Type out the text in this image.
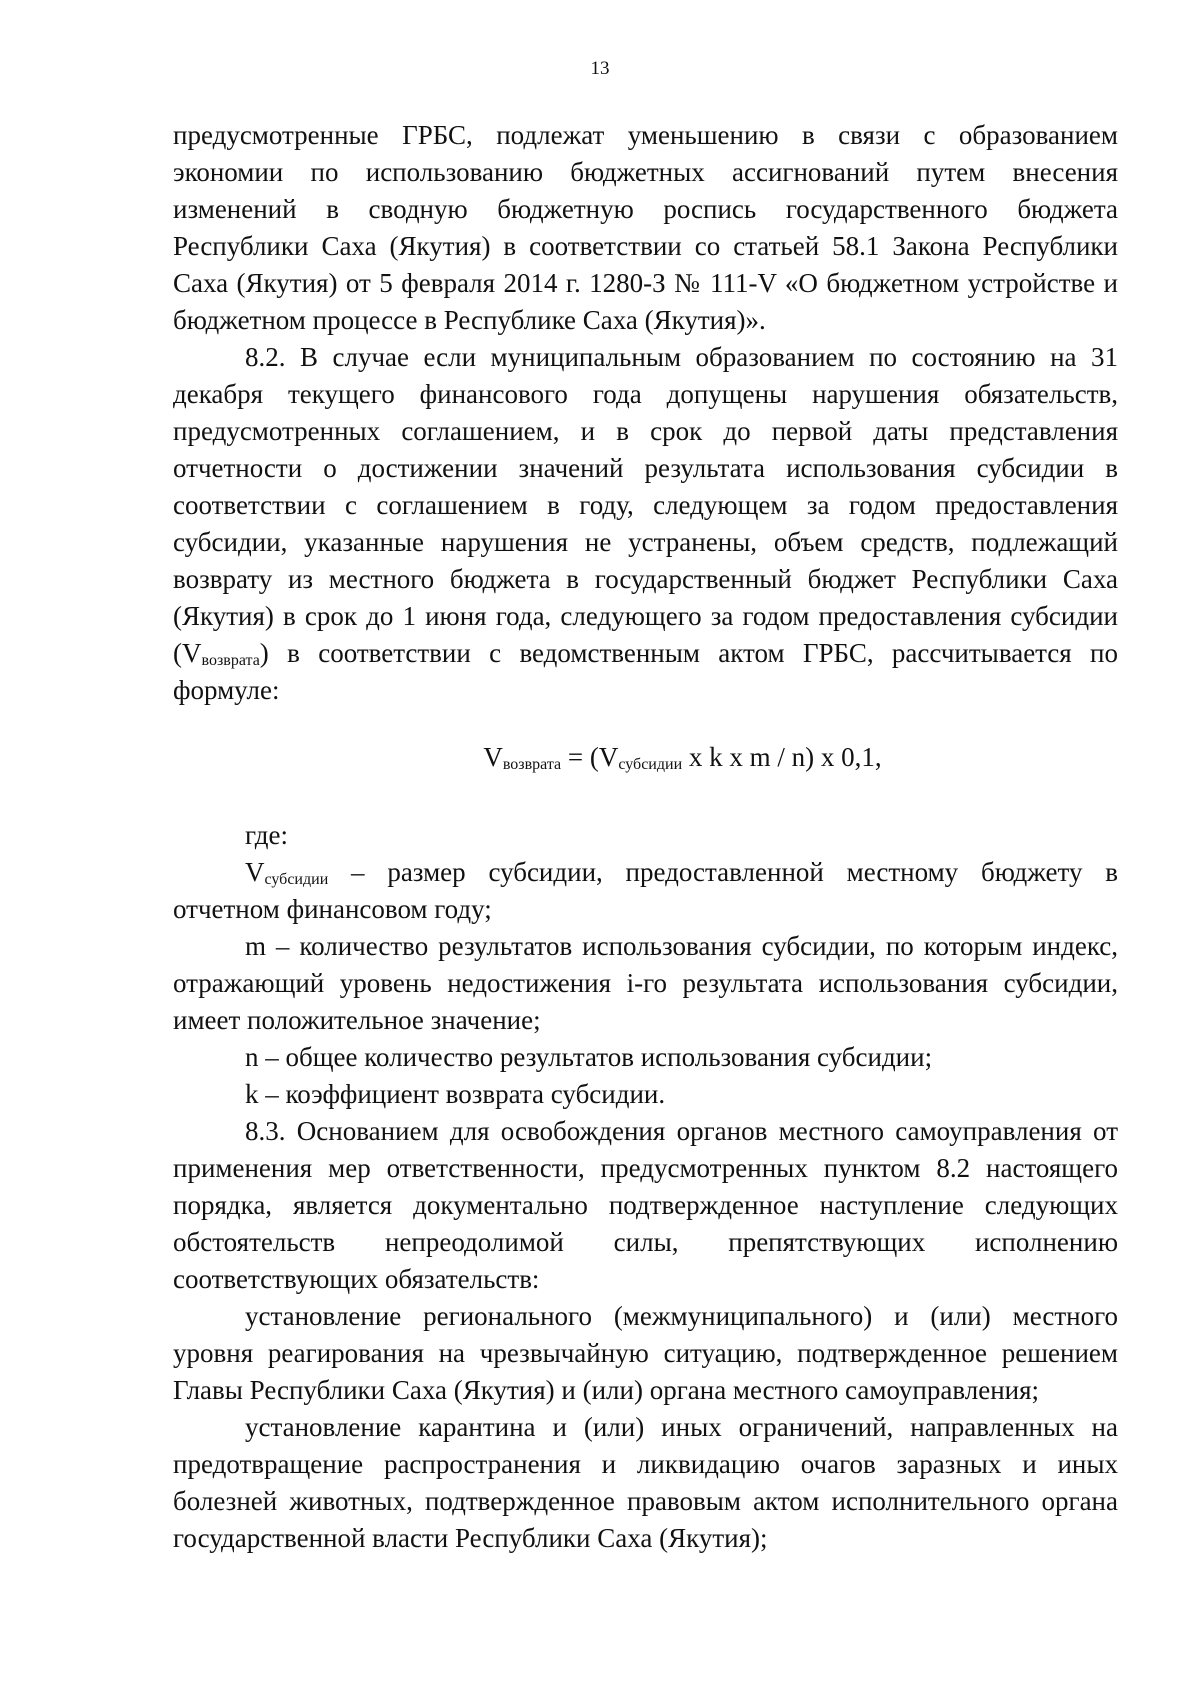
13

предусмотренные ГРБС, подлежат уменьшению в связи с образованием экономии по использованию бюджетных ассигнований путем внесения изменений в сводную бюджетную роспись государственного бюджета Республики Саха (Якутия) в соответствии со статьей 58.1 Закона Республики Саха (Якутия) от 5 февраля 2014 г. 1280-З № 111-V «О бюджетном устройстве и бюджетном процессе в Республике Саха (Якутия)».

8.2. В случае если муниципальным образованием по состоянию на 31 декабря текущего финансового года допущены нарушения обязательств, предусмотренных соглашением, и в срок до первой даты представления отчетности о достижении значений результата использования субсидии в соответствии с соглашением в году, следующем за годом предоставления субсидии, указанные нарушения не устранены, объем средств, подлежащий возврату из местного бюджета в государственный бюджет Республики Саха (Якутия) в срок до 1 июня года, следующего за годом предоставления субсидии (Vвозврата) в соответствии с ведомственным актом ГРБС, рассчитывается по формуле:

Vвозврата = (Vсубсидии x k x m / n) x 0,1,

где:

Vсубсидии – размер субсидии, предоставленной местному бюджету в отчетном финансовом году;

m – количество результатов использования субсидии, по которым индекс, отражающий уровень недостижения i-го результата использования субсидии, имеет положительное значение;

n – общее количество результатов использования субсидии;

k – коэффициент возврата субсидии.

8.3. Основанием для освобождения органов местного самоуправления от применения мер ответственности, предусмотренных пунктом 8.2 настоящего порядка, является документально подтвержденное наступление следующих обстоятельств непреодолимой силы, препятствующих исполнению соответствующих обязательств:

установление регионального (межмуниципального) и (или) местного уровня реагирования на чрезвычайную ситуацию, подтвержденное решением Главы Республики Саха (Якутия) и (или) органа местного самоуправления;

установление карантина и (или) иных ограничений, направленных на предотвращение распространения и ликвидацию очагов заразных и иных болезней животных, подтвержденное правовым актом исполнительного органа государственной власти Республики Саха (Якутия);
